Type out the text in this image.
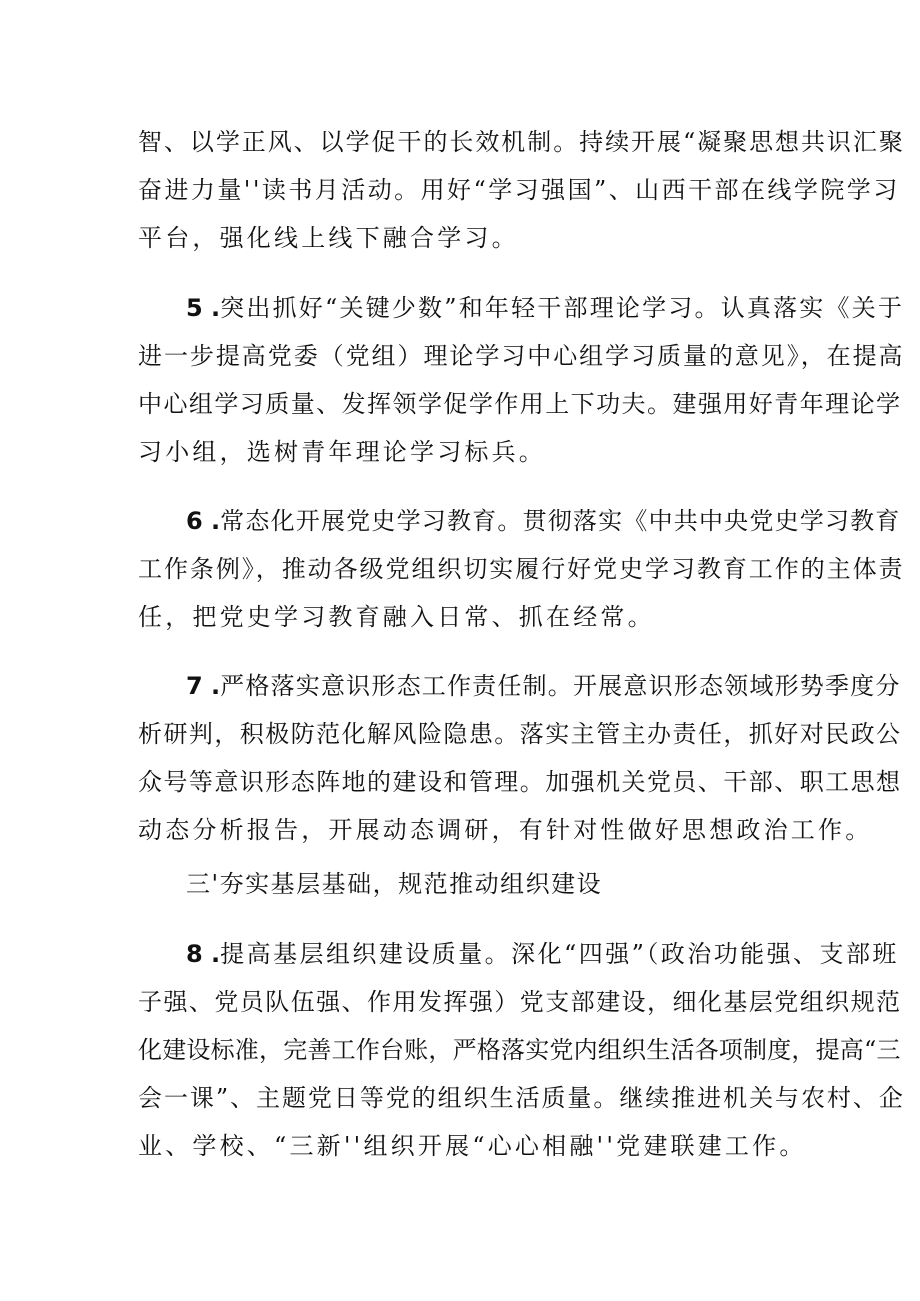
智、以学正风、以学促干的长效机制。持续开展“凝聚思想共识汇聚
奋进力量''读书月活动。用好“学习强国”、山西干部在线学院学习
平台，强化线上线下融合学习。
5 .突出抓好“关键少数”和年轻干部理论学习。认真落实《关于
进一步提高党委（党组）理论学习中心组学习质量的意见》，在提高
中心组学习质量、发挥领学促学作用上下功夫。建强用好青年理论学
习小组，选树青年理论学习标兵。
6 .常态化开展党史学习教育。贯彻落实《中共中央党史学习教育
工作条例》，推动各级党组织切实履行好党史学习教育工作的主体责
任，把党史学习教育融入日常、抓在经常。
7 .严格落实意识形态工作责任制。开展意识形态领域形势季度分
析研判，积极防范化解风险隐患。落实主管主办责任，抓好对民政公
众号等意识形态阵地的建设和管理。加强机关党员、干部、职工思想
动态分析报告，开展动态调研，有针对性做好思想政治工作。
三'夯实基层基础，规范推动组织建设
8 .提高基层组织建设质量。深化“四强”（政治功能强、支部班
子强、党员队伍强、作用发挥强）党支部建设，细化基层党组织规范
化建设标准，完善工作台账，严格落实党内组织生活各项制度，提高“三
会一课”、主题党日等党的组织生活质量。继续推进机关与农村、企
业、学校、“三新''组织开展“心心相融''党建联建工作。
